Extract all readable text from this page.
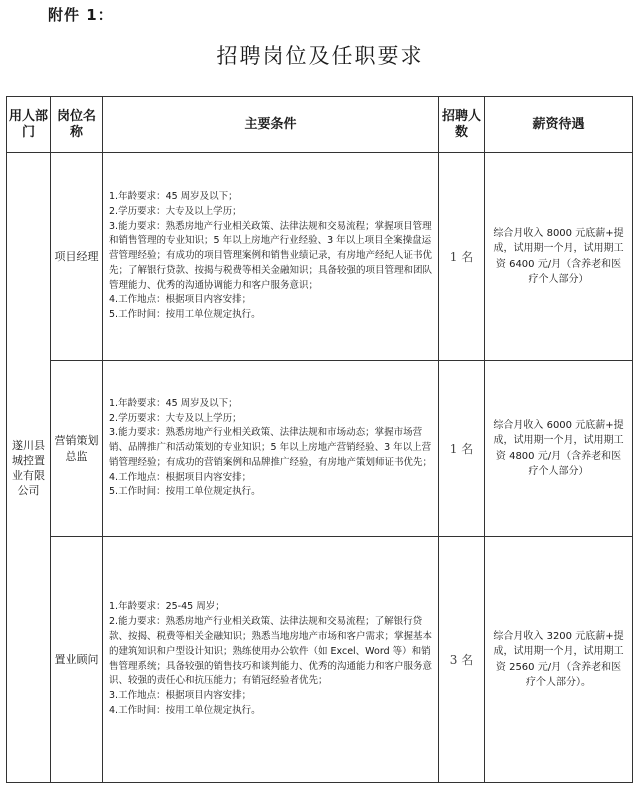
附件 1：
招聘岗位及任职要求
用人部门	岗位名称	主要条件	招聘人数	薪资待遇
遂川县城控置业有限公司	项目经理	1.年龄要求：45 周岁及以下；
2.学历要求：大专及以上学历；
3.能力要求：熟悉房地产行业相关政策、法律法规和交易流程；掌握项目管理和销售管理的专业知识；5 年以上房地产行业经验、3 年以上项目全案操盘运营管理经验；有成功的项目管理案例和销售业绩记录，有房地产经纪人证书优先；了解银行贷款、按揭与税费等相关金融知识；具备较强的项目管理和团队管理能力、优秀的沟通协调能力和客户服务意识；
4.工作地点：根据项目内容安排；
5.工作时间：按用工单位规定执行。	1 名	综合月收入 8000 元底薪+提成，试用期一个月，试用期工资 6400 元/月（含养老和医疗个人部分）
	营销策划总监	1.年龄要求：45 周岁及以下；
2.学历要求：大专及以上学历；
3.能力要求：熟悉房地产行业相关政策、法律法规和市场动态；掌握市场营销、品牌推广和活动策划的专业知识；5 年以上房地产营销经验、3 年以上营销管理经验；有成功的营销案例和品牌推广经验，有房地产策划师证书优先；
4.工作地点：根据项目内容安排；
5.工作时间：按用工单位规定执行。	1 名	综合月收入 6000 元底薪+提成，试用期一个月，试用期工资 4800 元/月（含养老和医疗个人部分）
	置业顾问	1.年龄要求：25-45 周岁；
2.能力要求：熟悉房地产行业相关政策、法律法规和交易流程；了解银行贷款、按揭、税费等相关金融知识；熟悉当地房地产市场和客户需求；掌握基本的建筑知识和户型设计知识；熟练使用办公软件（如 Excel、Word 等）和销售管理系统；具备较强的销售技巧和谈判能力、优秀的沟通能力和客户服务意识、较强的责任心和抗压能力；有销冠经验者优先；
3.工作地点：根据项目内容安排；
4.工作时间：按用工单位规定执行。	3 名	综合月收入 3200 元底薪+提成，试用期一个月，试用期工资 2560 元/月（含养老和医疗个人部分）。
